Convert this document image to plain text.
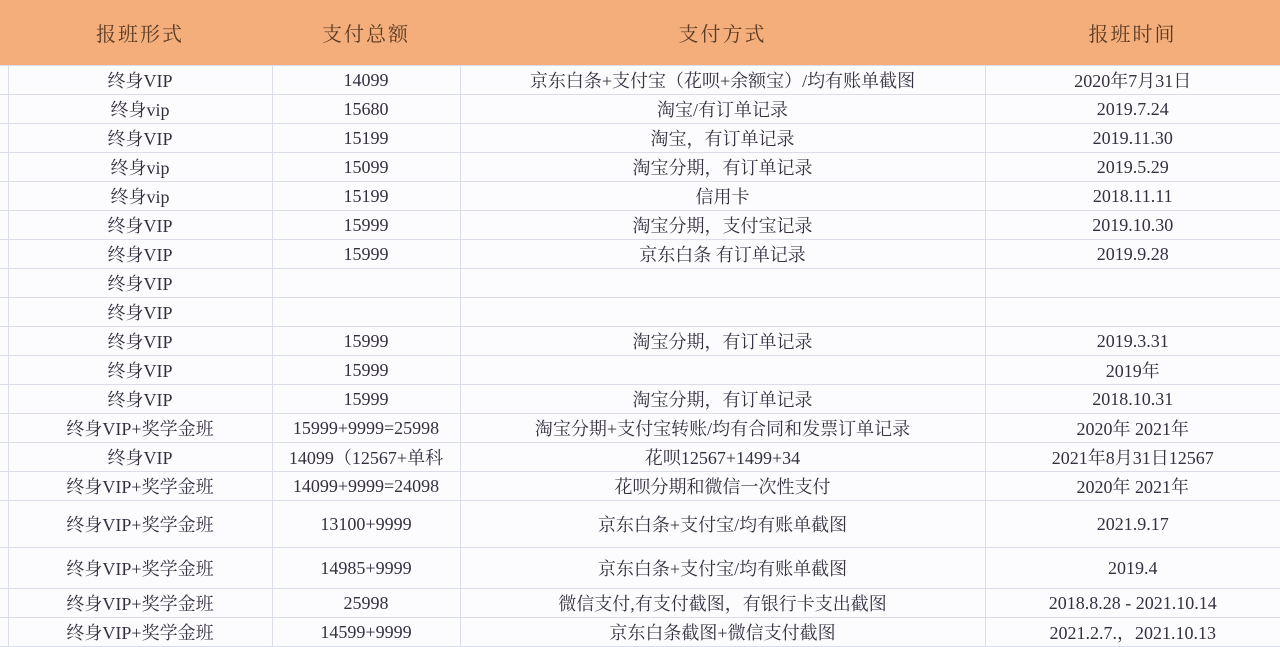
	报班形式	支付总额	支付方式	报班时间
	终身VIP	14099	京东白条+支付宝（花呗+余额宝）/均有账单截图	2020年7月31日
	终身vip	15680	淘宝/有订单记录	2019.7.24
	终身VIP	15199	淘宝，有订单记录	2019.11.30
	终身vip	15099	淘宝分期，有订单记录	2019.5.29
	终身vip	15199	信用卡	2018.11.11
	终身VIP	15999	淘宝分期，支付宝记录	2019.10.30
	终身VIP	15999	京东白条 有订单记录	2019.9.28
	终身VIP			
	终身VIP			
	终身VIP	15999	淘宝分期，有订单记录	2019.3.31
	终身VIP	15999		2019年
	终身VIP	15999	淘宝分期，有订单记录	2018.10.31
	终身VIP+奖学金班	15999+9999=25998	淘宝分期+支付宝转账/均有合同和发票订单记录	2020年 2021年
	终身VIP	14099（12567+单科	花呗12567+1499+34	2021年8月31日12567
	终身VIP+奖学金班	14099+9999=24098	花呗分期和微信一次性支付	2020年 2021年
	终身VIP+奖学金班	13100+9999	京东白条+支付宝/均有账单截图	2021.9.17
	终身VIP+奖学金班	14985+9999	京东白条+支付宝/均有账单截图	2019.4
	终身VIP+奖学金班	25998	微信支付,有支付截图，有银行卡支出截图	2018.8.28 - 2021.10.14
	终身VIP+奖学金班	14599+9999	京东白条截图+微信支付截图	2021.2.7.，2021.10.13
